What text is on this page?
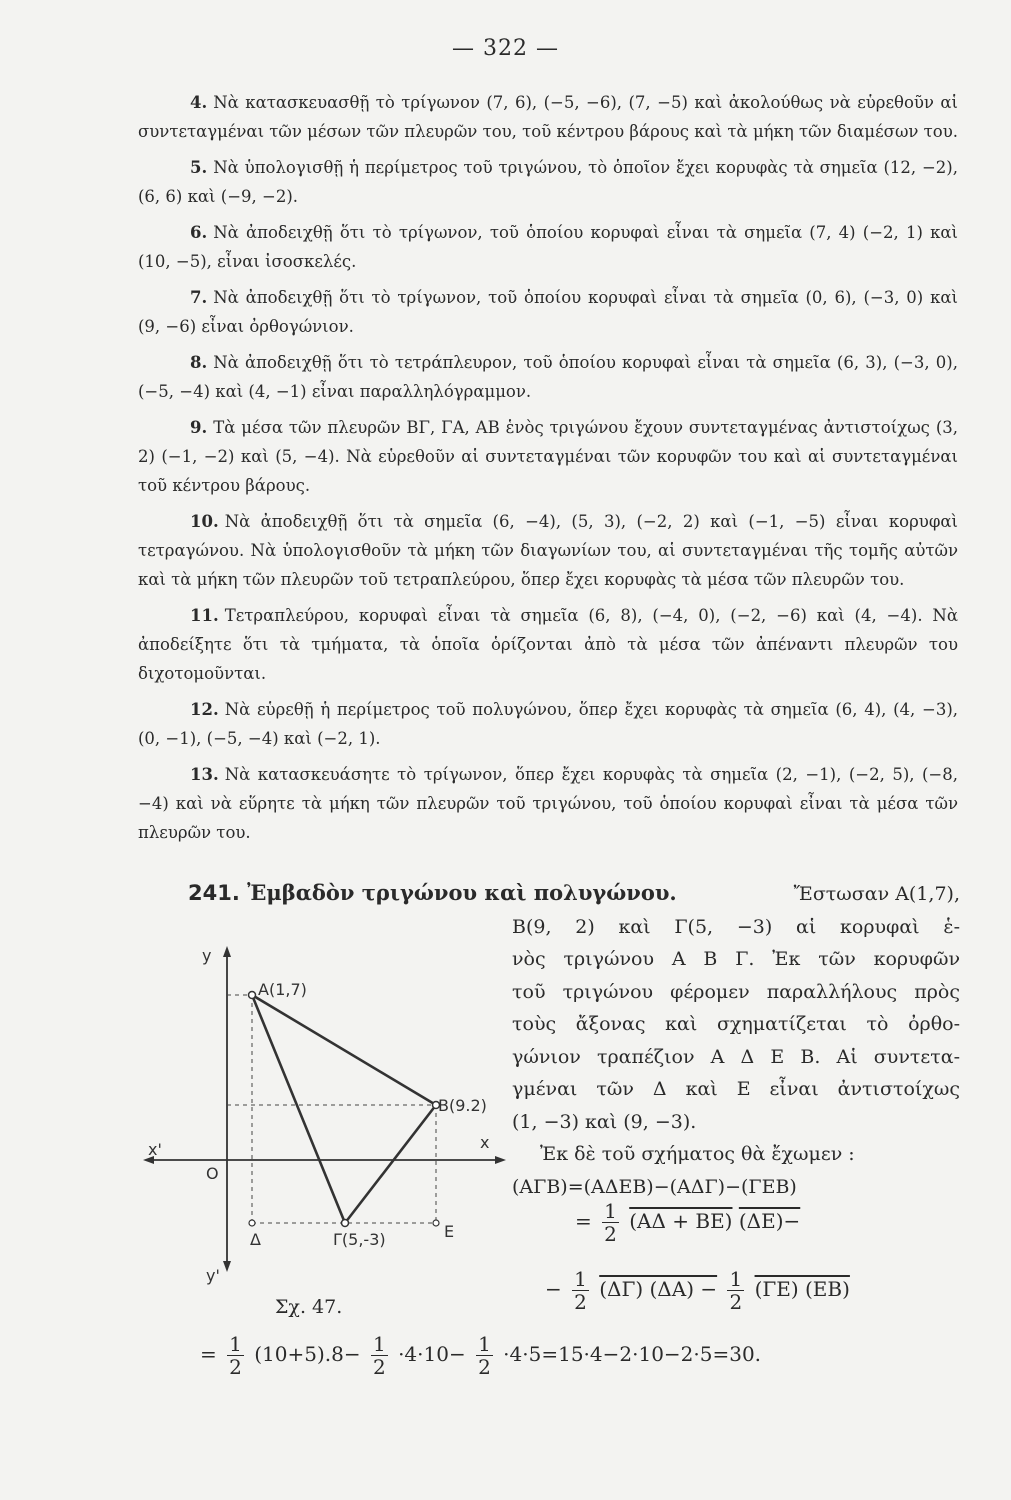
— 322 —

4. Νὰ κατασκευασθῇ τὸ τρίγωνον (7, 6), (−5, −6), (7, −5) καὶ ἀκολούθως νὰ εὑρεθοῦν αἱ συντεταγμέναι τῶν μέσων τῶν πλευρῶν του, τοῦ κέντρου βάρους καὶ τὰ μήκη τῶν διαμέσων του.

5. Νὰ ὑπολογισθῇ ἡ περίμετρος τοῦ τριγώνου, τὸ ὁποῖον ἔχει κορυφὰς τὰ σημεῖα (12, −2), (6, 6) καὶ (−9, −2).

6. Νὰ ἀποδειχθῇ ὅτι τὸ τρίγωνον, τοῦ ὁποίου κορυφαὶ εἶναι τὰ σημεῖα (7, 4) (−2, 1) καὶ (10, −5), εἶναι ἰσοσκελές.

7. Νὰ ἀποδειχθῇ ὅτι τὸ τρίγωνον, τοῦ ὁποίου κορυφαὶ εἶναι τὰ σημεῖα (0, 6), (−3, 0) καὶ (9, −6) εἶναι ὀρθογώνιον.

8. Νὰ ἀποδειχθῇ ὅτι τὸ τετράπλευρον, τοῦ ὁποίου κορυφαὶ εἶναι τὰ σημεῖα (6, 3), (−3, 0), (−5, −4) καὶ (4, −1) εἶναι παραλληλόγραμμον.

9. Τὰ μέσα τῶν πλευρῶν ΒΓ, ΓΑ, ΑΒ ἑνὸς τριγώνου ἔχουν συντεταγμένας ἀντιστοίχως (3, 2) (−1, −2) καὶ (5, −4). Νὰ εὑρεθοῦν αἱ συντεταγμέναι τῶν κορυφῶν του καὶ αἱ συντεταγμέναι τοῦ κέντρου βάρους.

10. Νὰ ἀποδειχθῇ ὅτι τὰ σημεῖα (6, −4), (5, 3), (−2, 2) καὶ (−1, −5) εἶναι κορυφαὶ τετραγώνου. Νὰ ὑπολογισθοῦν τὰ μήκη τῶν διαγωνίων του, αἱ συντεταγμέναι τῆς τομῆς αὐτῶν καὶ τὰ μήκη τῶν πλευρῶν τοῦ τετραπλεύρου, ὅπερ ἔχει κορυφὰς τὰ μέσα τῶν πλευρῶν του.

11. Τετραπλεύρου, κορυφαὶ εἶναι τὰ σημεῖα (6, 8), (−4, 0), (−2, −6) καὶ (4, −4). Νὰ ἀποδείξητε ὅτι τὰ τμήματα, τὰ ὁποῖα ὁρίζονται ἀπὸ τὰ μέσα τῶν ἀπέναντι πλευρῶν του διχοτομοῦνται.

12. Νὰ εὑρεθῇ ἡ περίμετρος τοῦ πολυγώνου, ὅπερ ἔχει κορυφὰς τὰ σημεῖα (6, 4), (4, −3), (0, −1), (−5, −4) καὶ (−2, 1).

13. Νὰ κατασκευάσητε τὸ τρίγωνον, ὅπερ ἔχει κορυφὰς τὰ σημεῖα (2, −1), (−2, 5), (−8, −4) καὶ νὰ εὕρητε τὰ μήκη τῶν πλευρῶν τοῦ τριγώνου, τοῦ ὁποίου κορυφαὶ εἶναι τὰ μέσα τῶν πλευρῶν του.

241. Ἐμβαδὸν τριγώνου καὶ πολυγώνου.	Ἔστωσαν Α(1,7),
Β(9, 2) καὶ Γ(5, −3) αἱ κορυφαὶ ἑ-
νὸς τριγώνου Α Β Γ. Ἐκ τῶν κορυφῶν
τοῦ τριγώνου φέρομεν παραλλήλους πρὸς
τοὺς ἄξονας καὶ σχηματίζεται τὸ ὀρθο-
γώνιον τραπέζιον Α Δ Ε Β. Αἱ συντετα-
γμέναι τῶν Δ καὶ Ε εἶναι ἀντιστοίχως
(1, −3) καὶ (9, −3).
Ἐκ δὲ τοῦ σχήματος θὰ ἔχωμεν :
(ΑΓΒ)=(ΑΔΕΒ)−(ΑΔΓ)−(ΓΕΒ)
= $\frac{1}{2} (A\Delta + BE)$ (ΔΕ)−
− $\frac{1}{2} (\Delta\Gamma) (\Delta A) - \frac{1}{2} (\Gamma E)$ (ΕΒ)
y
y'
x
x'
O
A(1,7)
B(9.2)
Γ(5,-3)
Δ	E
Σχ. 47.
= $\frac{1}{2} (10+5).8- \frac{1}{2} \cdot 4\cdot 10- \frac{1}{2} \cdot 4\cdot 5=15\cdot 4-2\cdot 10-2\cdot 5=30$.
